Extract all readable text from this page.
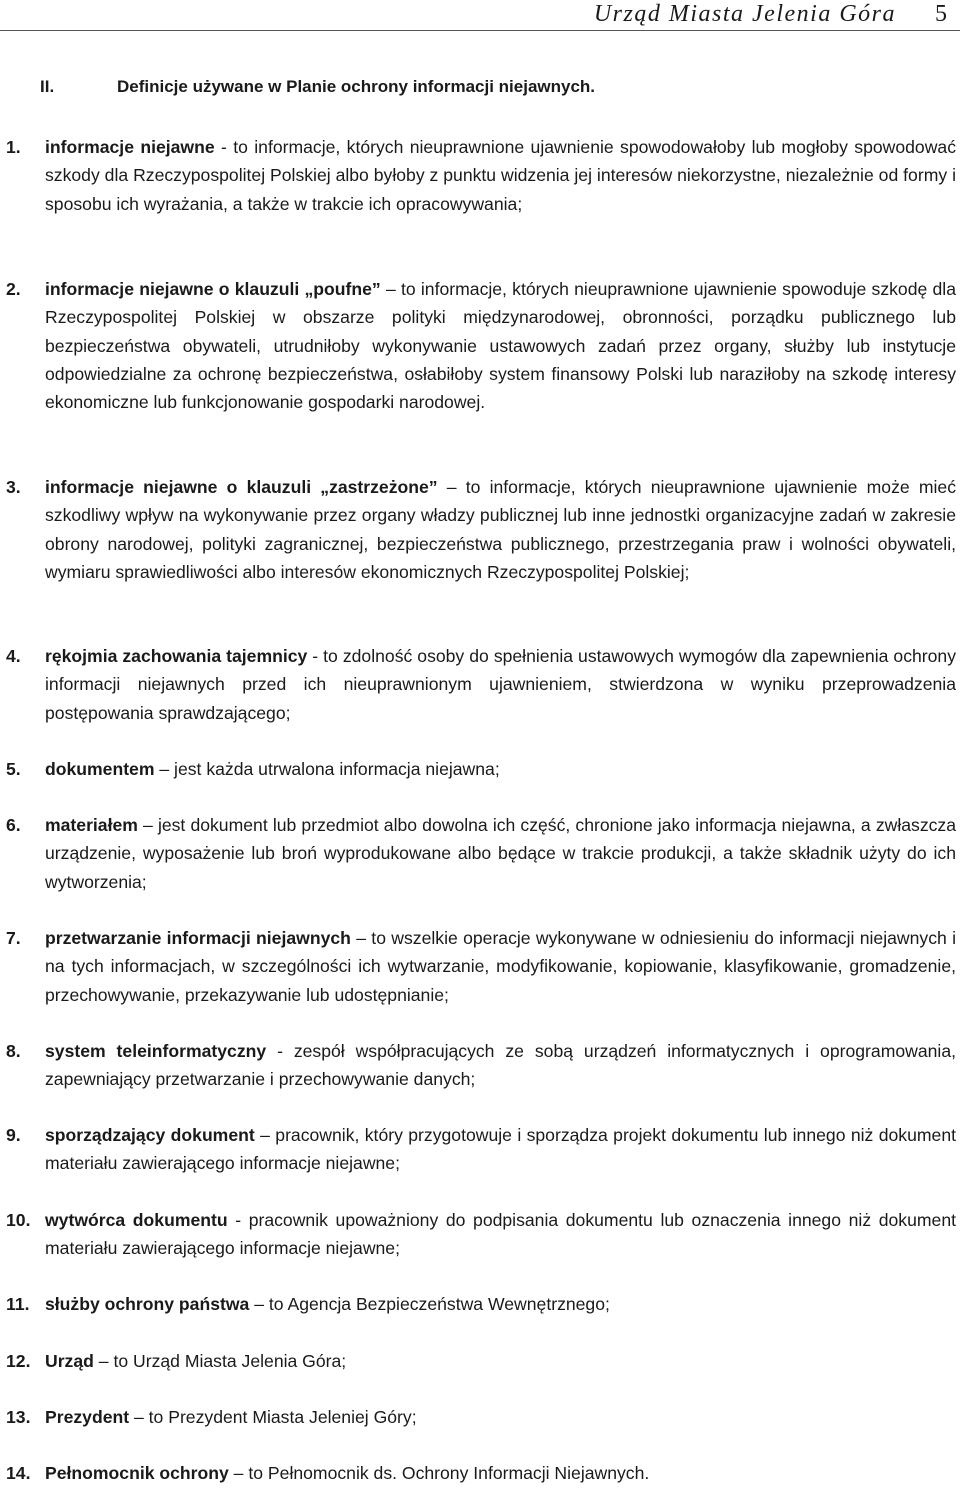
Urząd Miasta Jelenia Góra 5
II.	Definicje używane w Planie ochrony informacji niejawnych.
1. informacje niejawne - to informacje, których nieuprawnione ujawnienie spowodowałoby lub mogłoby spowodować szkody dla Rzeczypospolitej Polskiej albo byłoby z punktu widzenia jej interesów niekorzystne, niezależnie od formy i sposobu ich wyrażania, a także w trakcie ich opracowywania;
2. informacje niejawne o klauzuli „poufne” – to informacje, których nieuprawnione ujawnienie spowoduje szkodę dla Rzeczypospolitej Polskiej w obszarze polityki międzynarodowej, obronności, porządku publicznego lub bezpieczeństwa obywateli, utrudniłoby wykonywanie ustawowych zadań przez organy, służby lub instytucje odpowiedzialne za ochronę bezpieczeństwa, osłabiłoby system finansowy Polski lub naraziłoby na szkodę interesy ekonomiczne lub funkcjonowanie gospodarki narodowej.
3. informacje niejawne o klauzuli „zastrzeżone” – to informacje, których nieuprawnione ujawnienie może mieć szkodliwy wpływ na wykonywanie przez organy władzy publicznej lub inne jednostki organizacyjne zadań w zakresie obrony narodowej, polityki zagranicznej, bezpieczeństwa publicznego, przestrzegania praw i wolności obywateli, wymiaru sprawiedliwości albo interesów ekonomicznych Rzeczypospolitej Polskiej;
4. rękojmia zachowania tajemnicy - to zdolność osoby do spełnienia ustawowych wymogów dla zapewnienia ochrony informacji niejawnych przed ich nieuprawnionym ujawnieniem, stwierdzona w wyniku przeprowadzenia postępowania sprawdzającego;
5. dokumentem – jest każda utrwalona informacja niejawna;
6. materiałem – jest dokument lub przedmiot albo dowolna ich część, chronione jako informacja niejawna, a zwłaszcza urządzenie, wyposażenie lub broń wyprodukowane albo będące w trakcie produkcji, a także składnik użyty do ich wytworzenia;
7. przetwarzanie informacji niejawnych – to wszelkie operacje wykonywane w odniesieniu do informacji niejawnych i na tych informacjach, w szczególności ich wytwarzanie, modyfikowanie, kopiowanie, klasyfikowanie, gromadzenie, przechowywanie, przekazywanie lub udostępnianie;
8. system teleinformatyczny - zespół współpracujących ze sobą urządzeń informatycznych i oprogramowania, zapewniający przetwarzanie i przechowywanie danych;
9. sporządzający dokument – pracownik, który przygotowuje i sporządza projekt dokumentu lub innego niż dokument materiału zawierającego informacje niejawne;
10. wytwórca dokumentu - pracownik upoważniony do podpisania dokumentu lub oznaczenia innego niż dokument materiału zawierającego informacje niejawne;
11. służby ochrony państwa – to Agencja Bezpieczeństwa Wewnętrznego;
12. Urząd – to Urząd Miasta Jelenia Góra;
13. Prezydent – to Prezydent Miasta Jeleniej Góry;
14. Pełnomocnik ochrony – to Pełnomocnik ds. Ochrony Informacji Niejawnych.
